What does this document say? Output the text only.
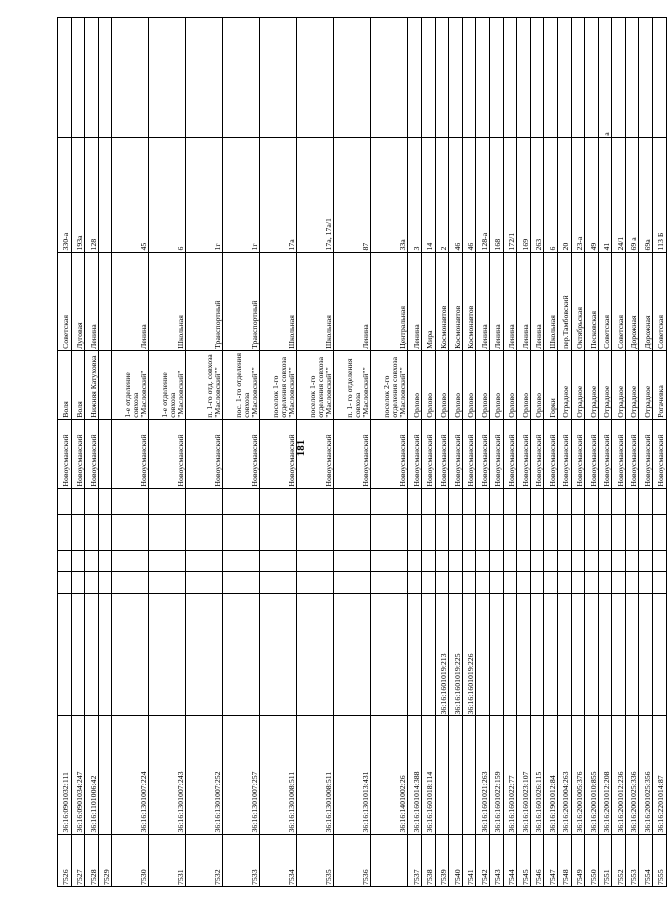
181
7526	36:16:0901032:111						Новоусманский	Воля	Советская	330-а	
7527	36:16:0901034:247						Новоусманский	Воля	Луговая	193а	
7528	36:16:1101006:42						Новоусманский	Нижняя Катуховка	Ленина	128	
7529											
7530	36:16:1301007:224						Новоусманский	1-е отделение совхоза "Масловский"	Ленина	45	
7531	36:16:1301007:243						Новоусманский	1-е отделение совхоза "Масловский"	Школьная	6	
7532	36:16:1301007:252						Новоусманский	п. 1-го отд. совхоза "Масловский""	Транспортный	1г	
7533	36:16:1301007:257						Новоусманский	пос. 1-го отделения совхоза "Масловский""	Транспортный	1г	
7534	36:16:1301008:511						Новоусманский	поселок 1-го отделения совхоза "Масловский""	Школьная	17а	
7535	36:16:1301008:511						Новоусманский	поселок 1-го отделения совхоза "Масловский""	Школьная	17а, 17а/1	
7536	36:16:1301013:431						Новоусманский	п. 1- го отделения совхоза "Масловский""	Ленина	87	
	36:16:1401002:26						Новоусманский	поселок 2-го отделения совхоза "Масловский""	Центральная	33а	
7537	36:16:1601014:388						Новоусманский	Орлово	Ленина	3	
7538	36:16:1601018:114						Новоусманский	Орлово	Мира	14	
7539		36:16:1601019:213					Новоусманский	Орлово	Космонавтов	2	
7540		36:16:1601019:225					Новоусманский	Орлово	Космонавтов	46	
7541		36:16:1601019:226					Новоусманский	Орлово	Космонавтов	46	
7542	36:16:1601021:263						Новоусманский	Орлово	Ленина	128-а	
7543	36:16:1601022:159						Новоусманский	Орлово	Ленина	168	
7544	36:16:1601022:77						Новоусманский	Орлово	Ленина	172/1	
7545	36:16:1601023:107						Новоусманский	Орлово	Ленина	169	
7546	36:16:1601026:115						Новоусманский	Орлово	Ленина	263	
7547	36:16:1901012:84						Новоусманский	Горки	Школьная	6	
7548	36:16:2001004:263						Новоусманский	Отрадное	пер.Тамбовский	20	
7549	36:16:2001005:376						Новоусманский	Отрадное	Октябрьская	23-а	
7550	36:16:2001010:855						Новоусманский	Отрадное	Песковская	49	
7551	36:16:2001012:208						Новоусманский	Отрадное	Советская	41	а
7552	36:16:2001012:236						Новоусманский	Отрадное	Советская	24/1	
7553	36:16:2001025:336						Новоусманский	Отрадное	Дорожная	69 а	
7554	36:16:2001025:356						Новоусманский	Отрадное	Дорожная	69а	
7555	36:16:2201014:87						Новоусманский	Рогачевка	Советская	113 Б	
